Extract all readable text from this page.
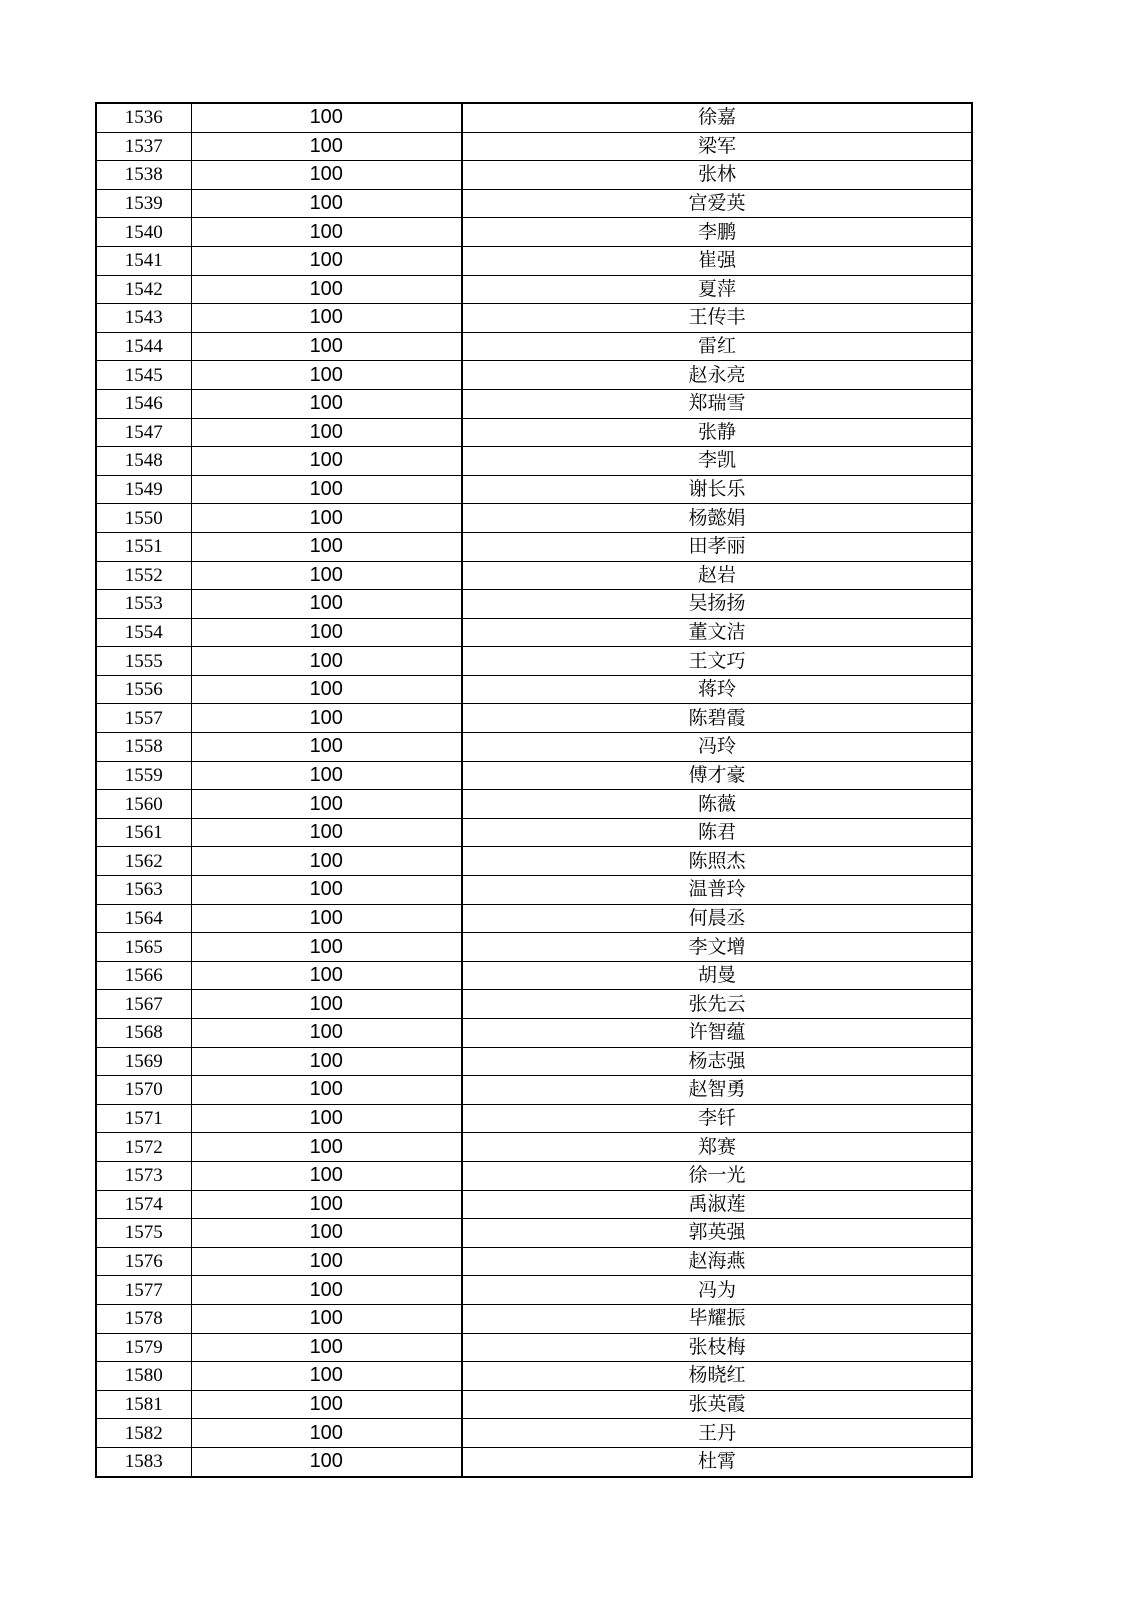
1536	100	徐嘉
1537	100	梁军
1538	100	张林
1539	100	宫爱英
1540	100	李鹏
1541	100	崔强
1542	100	夏萍
1543	100	王传丰
1544	100	雷红
1545	100	赵永亮
1546	100	郑瑞雪
1547	100	张静
1548	100	李凯
1549	100	谢长乐
1550	100	杨懿娟
1551	100	田孝丽
1552	100	赵岩
1553	100	吴扬扬
1554	100	董文洁
1555	100	王文巧
1556	100	蒋玲
1557	100	陈碧霞
1558	100	冯玲
1559	100	傅才豪
1560	100	陈薇
1561	100	陈君
1562	100	陈照杰
1563	100	温普玲
1564	100	何晨丞
1565	100	李文增
1566	100	胡曼
1567	100	张先云
1568	100	许智蕴
1569	100	杨志强
1570	100	赵智勇
1571	100	李钎
1572	100	郑赛
1573	100	徐一光
1574	100	禹淑莲
1575	100	郭英强
1576	100	赵海燕
1577	100	冯为
1578	100	毕耀振
1579	100	张枝梅
1580	100	杨晓红
1581	100	张英霞
1582	100	王丹
1583	100	杜霄
